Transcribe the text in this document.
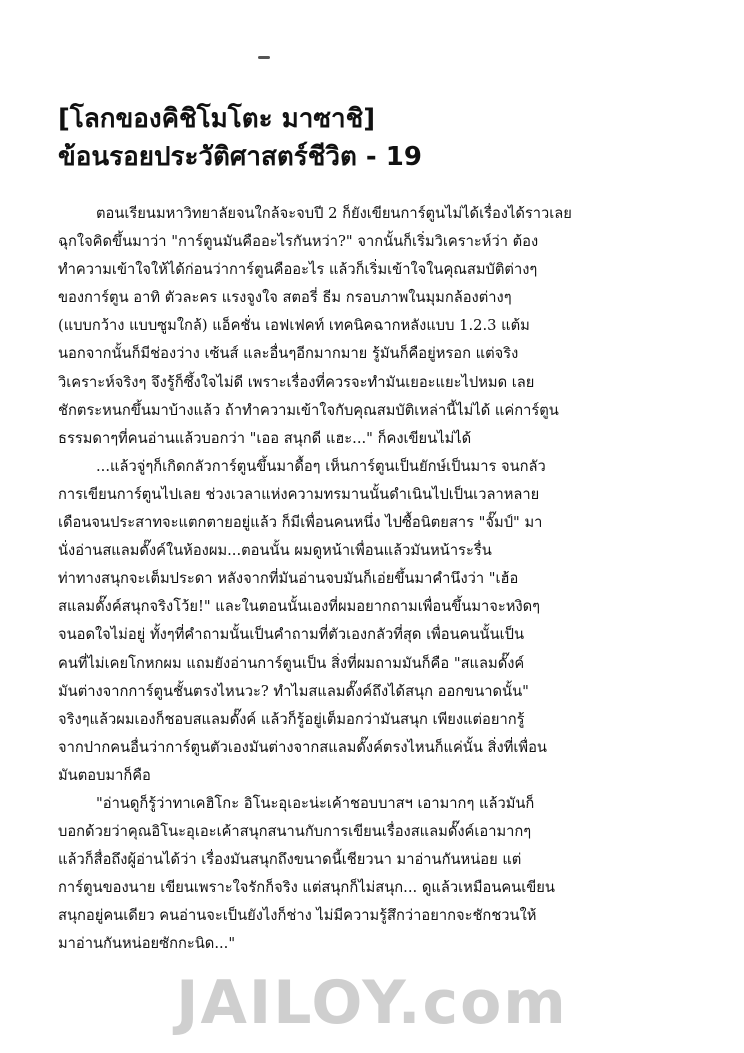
[โลกของคิชิโมโตะ มาซาชิ]
ข้อนรอยประวัติศาสตร์ชีวิต - 19
ตอนเรียนมหาวิทยาลัยจนใกล้จะจบปี 2 ก็ยังเขียนการ์ตูนไม่ได้เรื่องได้ราวเลย
ฉุกใจคิดขึ้นมาว่า "การ์ตูนมันคืออะไรกันหว่า?" จากนั้นก็เริ่มวิเคราะห์ว่า ต้อง
ทำความเข้าใจให้ได้ก่อนว่าการ์ตูนคืออะไร แล้วก็เริ่มเข้าใจในคุณสมบัติต่างๆ
ของการ์ตูน อาทิ ตัวละคร แรงจูงใจ สตอรี่ ธีม กรอบภาพในมุมกล้องต่างๆ
(แบบกว้าง แบบซูมใกล้) แอ็คชั่น เอฟเฟคท์ เทคนิคฉากหลังแบบ 1.2.3 แต้ม
นอกจากนั้นก็มีช่องว่าง เซ้นส์ และอื่นๆอีกมากมาย รู้มันก็คือยู่หรอก แต่จริง
วิเคราะห์จริงๆ จึงรู้ก็ซึ้งใจไม่ดี เพราะเรื่องที่ควรจะทำมันเยอะแยะไปหมด เลย
ชักตระหนกขึ้นมาบ้างแล้ว ถ้าทำความเข้าใจกับคุณสมบัติเหล่านี้ไม่ได้ แค่การ์ตูน
ธรรมดาๆที่คนอ่านแล้วบอกว่า "เออ สนุกดี แฮะ..." ก็คงเขียนไม่ได้
...แล้วจู่ๆก็เกิดกลัวการ์ตูนขึ้นมาดื้อๆ เห็นการ์ตูนเป็นยักษ์เป็นมาร จนกลัว
การเขียนการ์ตูนไปเลย ช่วงเวลาแห่งความทรมานนั้นดำเนินไปเป็นเวลาหลาย
เดือนจนประสาทจะแตกตายอยู่แล้ว ก็มีเพื่อนคนหนึ่ง ไปซื้อนิตยสาร "จั๊มป์" มา
นั่งอ่านสแลมดั๊งค์ในห้องผม...ตอนนั้น ผมดูหน้าเพื่อนแล้วมันหน้าระรื่น
ท่าทางสนุกจะเต็มประดา หลังจากที่มันอ่านจบมันก็เอ่ยขึ้นมาคำนึงว่า "เฮ้อ
สแลมดั๊งค์สนุกจริงโว้ย!" และในตอนนั้นเองที่ผมอยากถามเพื่อนขึ้นมาจะหงิดๆ
จนอดใจไม่อยู่ ทั้งๆที่คำถามนั้นเป็นคำถามที่ตัวเองกลัวที่สุด เพื่อนคนนั้นเป็น
คนที่ไม่เคยโกหกผม แถมยังอ่านการ์ตูนเป็น สิ่งที่ผมถามมันก็คือ "สแลมดั๊งค์
มันต่างจากการ์ตูนชั้นตรงไหนวะ? ทำไมสแลมดั๊งค์ถึงได้สนุก ออกขนาดนั้น"
จริงๆแล้วผมเองก็ชอบสแลมดั๊งค์ แล้วก็รู้อยู่เต็มอกว่ามันสนุก เพียงแต่อยากรู้
จากปากคนอื่นว่าการ์ตูนตัวเองมันต่างจากสแลมดั๊งค์ตรงไหนก็แค่นั้น สิ่งที่เพื่อน
มันตอบมาก็คือ
"อ่านดูก็รู้ว่าทาเคฮิโกะ อิโนะอุเอะน่ะเค้าชอบบาสฯ เอามากๆ แล้วมันก็
บอกด้วยว่าคุณอิโนะอุเอะเค้าสนุกสนานกับการเขียนเรื่องสแลมดั๊งค์เอามากๆ
แล้วก็สื่อถึงผู้อ่านได้ว่า เรื่องมันสนุกถึงขนาดนี้เชียวนา มาอ่านกันหน่อย แต่
การ์ตูนของนาย เขียนเพราะใจรักก็จริง แต่สนุกก็ไม่สนุก... ดูแล้วเหมือนคนเขียน
สนุกอยู่คนเดียว คนอ่านจะเป็นยังไงก็ช่าง ไม่มีความรู้สึกว่าอยากจะชักชวนให้
มาอ่านกันหน่อยซักกะนิด..."
JAILOY.com
